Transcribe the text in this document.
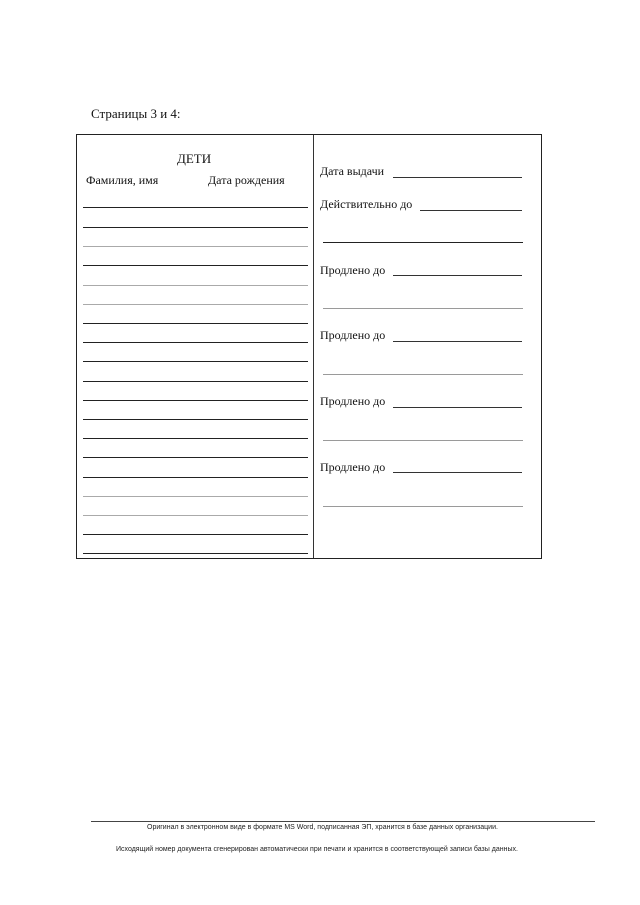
Страницы 3 и 4:
ДЕТИ
Фамилия, имя	Дата рождения
Дата выдачи
Действительно до
Продлено до
Продлено до
Продлено до
Продлено до
Оригинал в электронном виде в формате MS Word, подписанная ЭП, хранится в базе данных организации.
Исходящий номер документа сгенерирован автоматически при печати и хранится в соответствующей записи базы данных.
